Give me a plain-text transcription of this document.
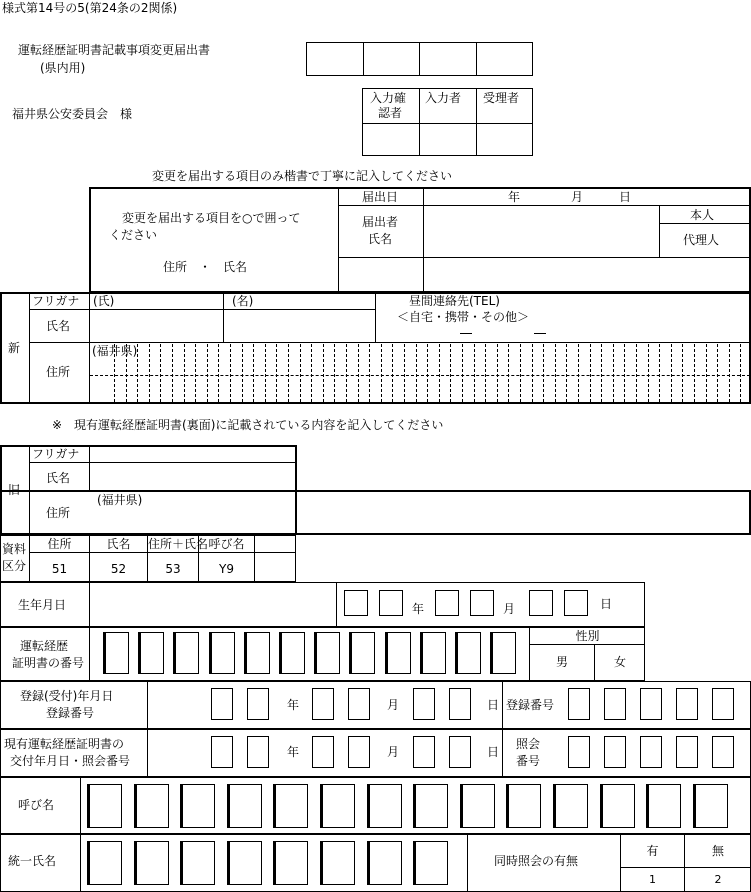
様式第14号の5(第24条の2関係)
運転経歴証明書記載事項変更届出書
(県内用)
福井県公安委員会　様
入力確
認者
入力者 受理者
変更を届出する項目のみ楷書で丁寧に記入してください
変更を届出する項目を○で囲って
ください
住所　・　氏名
届出日	年	月	日
届出者
氏名
本人
代理人
新
フリガナ (氏)	(名)
氏名
昼間連絡先(TEL)
＜自宅・携帯・その他＞
住所
(福井県)
※　現有運転経歴証明書(裏面)に記載されている内容を記入してください
旧
フリガナ
氏名
住所
(福井県)
資料
区分
住所	氏名	住所＋氏名 呼び名
51	52	53	Y9
生年月日	年	月	日
運転経歴
証明書の番号
性別
男	女
登録(受付)年月日
登録番号
年	月	日 登録番号
現有運転経歴証明書の
交付年月日・照会番号
年	月	日
照会
番号
呼び名
統一氏名	同時照会の有無
有	無
1	2
